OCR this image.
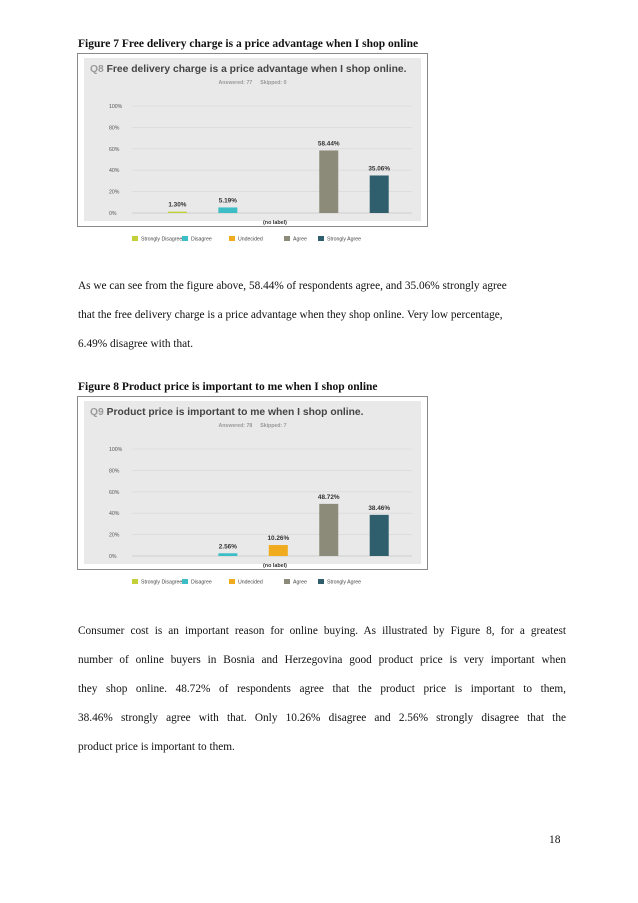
Figure 7 Free delivery charge is a price advantage when I shop online
Q8 Free delivery charge is a price advantage when I shop online.
Answered: 77 Skipped: 0
0%
20%
40%
60%
80%
100%
1.30%
5.19%
58.44%
35.06%
(no label)
Strongly Disagree Disagree	Undecided	Agree	Strongly Agree

As we can see from the figure above, 58.44% of respondents agree, and 35.06% strongly agree

that the free delivery charge is a price advantage when they shop online. Very low percentage,

6.49% disagree with that.

Figure 8 Product price is important to me when I shop online
Q9 Product price is important to me when I shop online.
Answered: 78 Skipped: 7
0%
20%
40%
60%
80%
100%
2.56%
10.26%
48.72%
38.46%
(no label)
Strongly Disagree Disagree	Undecided	Agree	Strongly Agree

Consumer cost is an important reason for online buying. As illustrated by Figure 8, for a greatest

number of online buyers in Bosnia and Herzegovina good product price is very important when

they shop online. 48.72% of respondents agree that the product price is important to them,

38.46% strongly agree with that. Only 10.26% disagree and 2.56% strongly disagree that the

product price is important to them.

18
